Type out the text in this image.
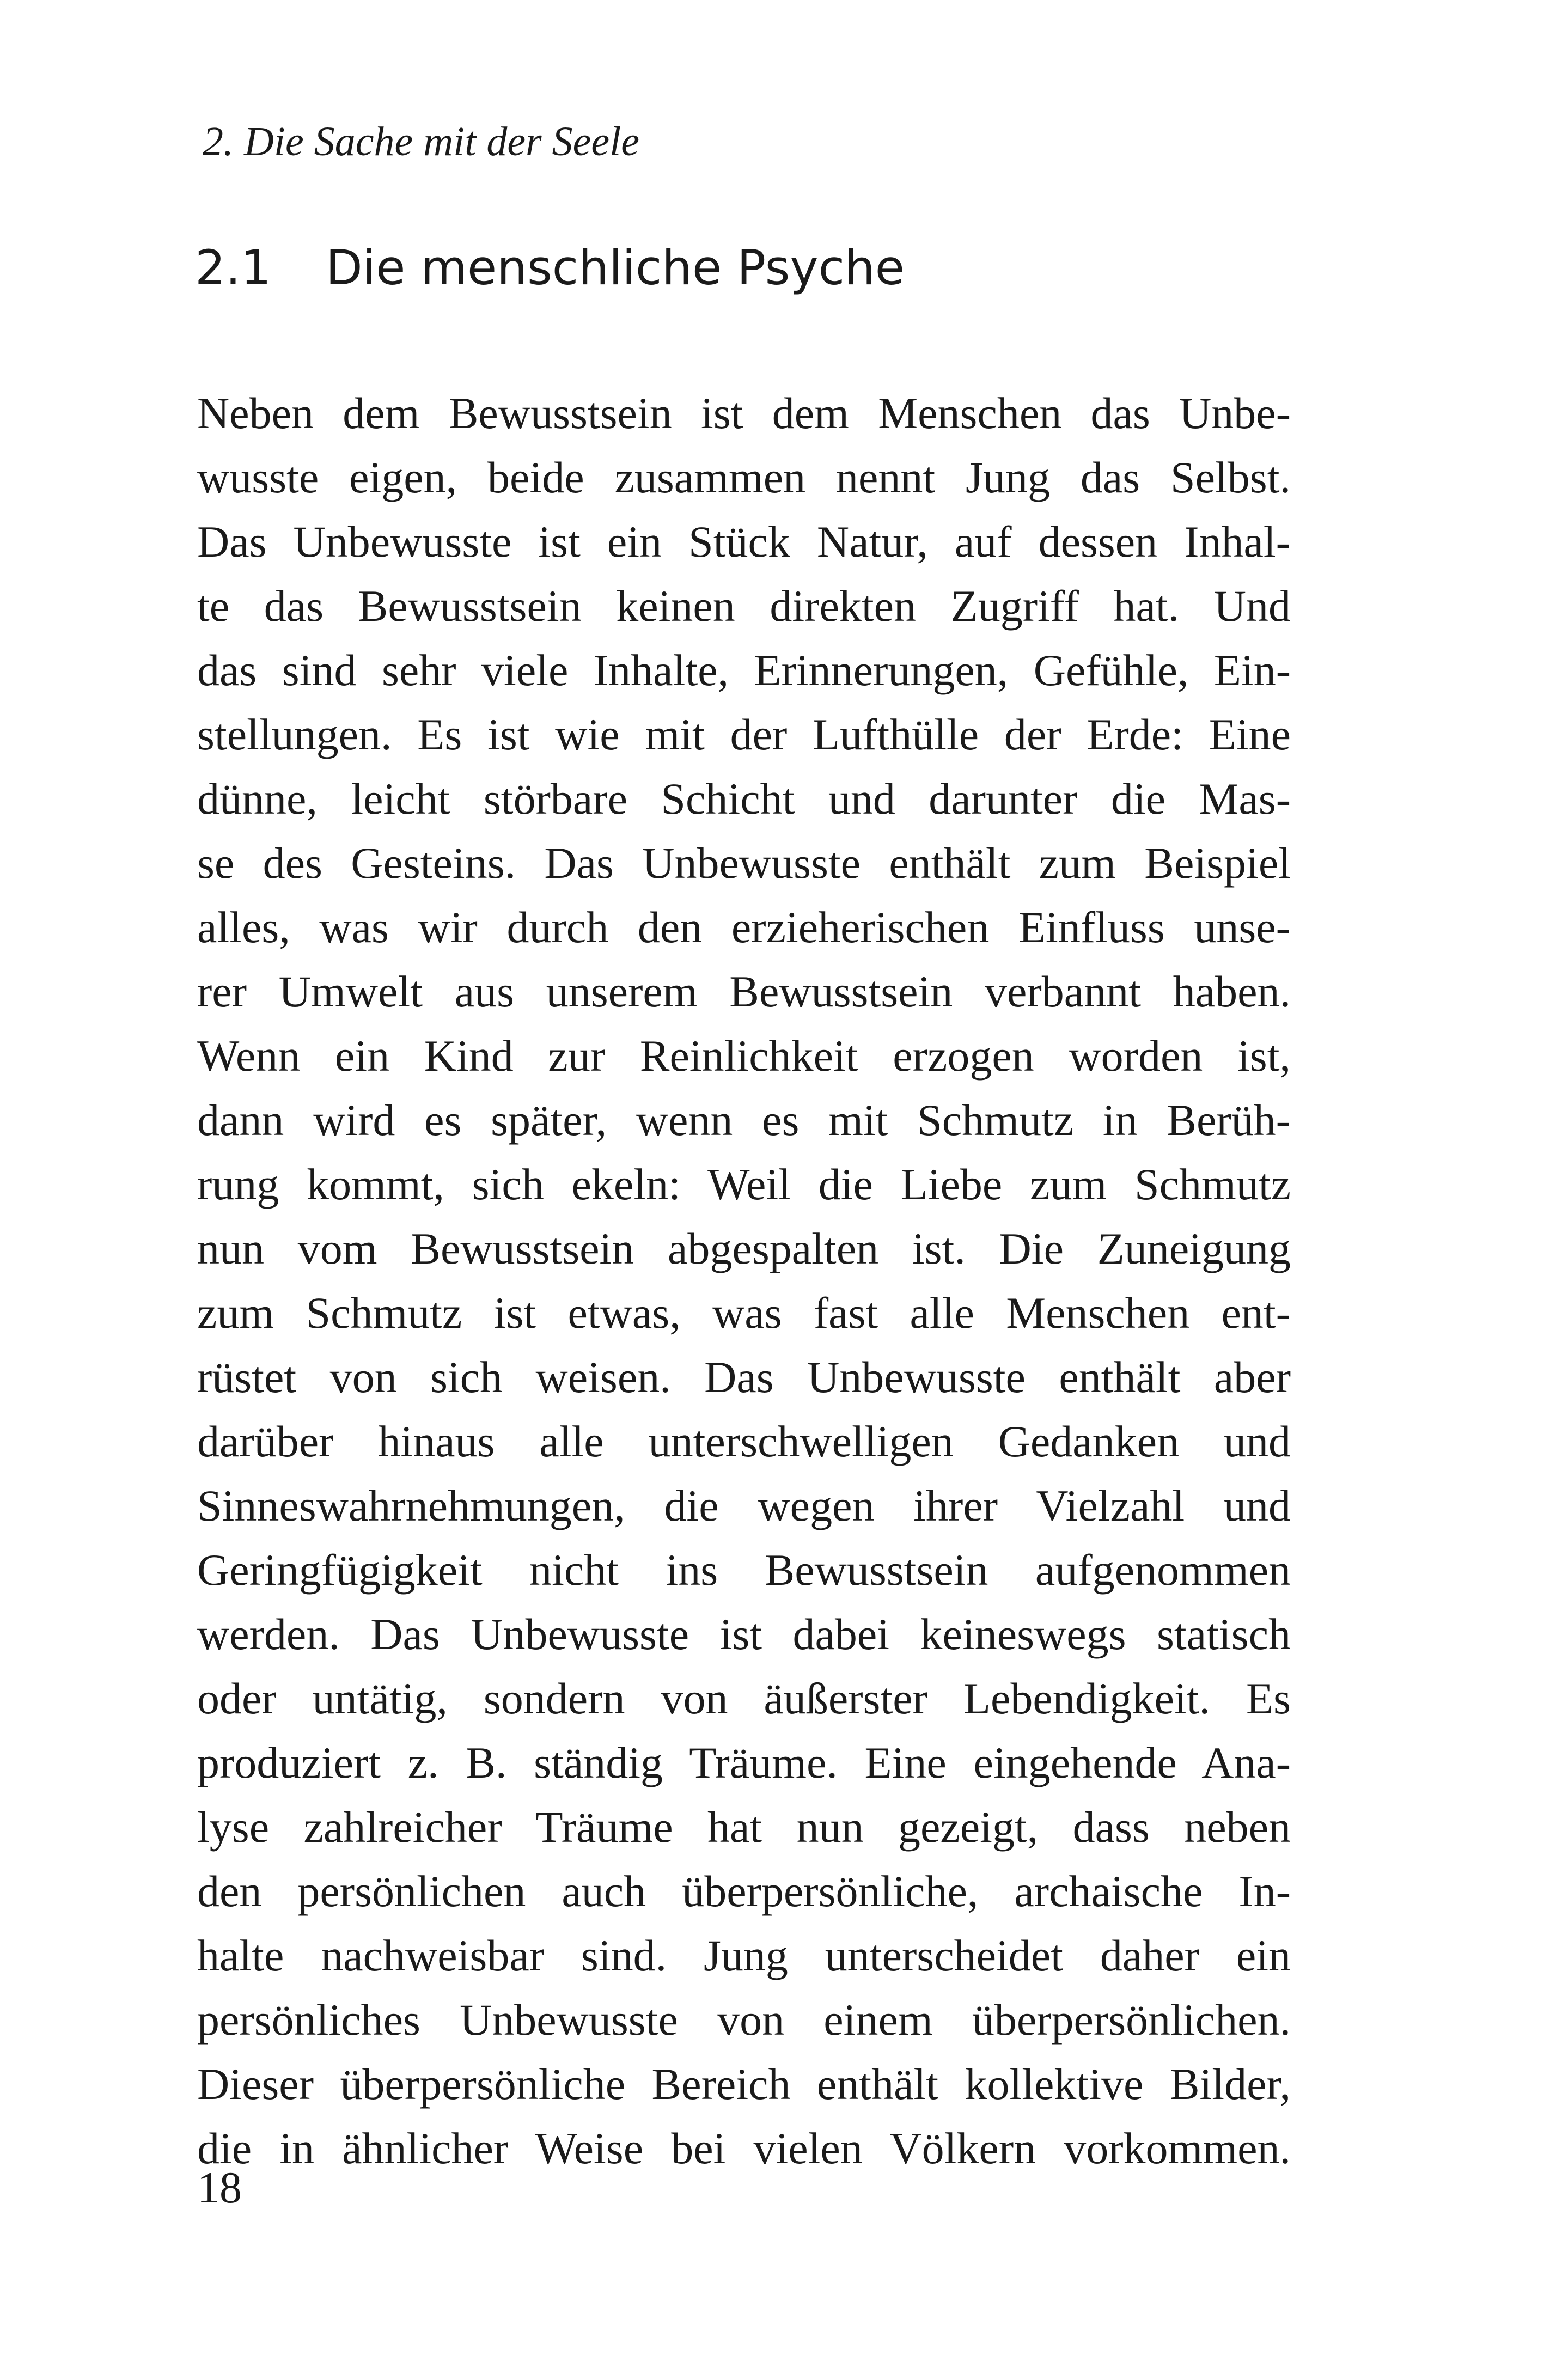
2. Die Sache mit der Seele
2.1	Die menschliche Psyche
Neben dem Bewusstsein ist dem Menschen das Unbe-
wusste eigen, beide zusammen nennt Jung das Selbst.
Das Unbewusste ist ein Stück Natur, auf dessen Inhal-
te das Bewusstsein keinen direkten Zugriff hat. Und
das sind sehr viele Inhalte, Erinnerungen, Gefühle, Ein-
stellungen. Es ist wie mit der Lufthülle der Erde: Eine
dünne, leicht störbare Schicht und darunter die Mas-
se des Gesteins. Das Unbewusste enthält zum Beispiel
alles, was wir durch den erzieherischen Einfluss unse-
rer Umwelt aus unserem Bewusstsein verbannt haben.
Wenn ein Kind zur Reinlichkeit erzogen worden ist,
dann wird es später, wenn es mit Schmutz in Berüh-
rung kommt, sich ekeln: Weil die Liebe zum Schmutz
nun vom Bewusstsein abgespalten ist. Die Zuneigung
zum Schmutz ist etwas, was fast alle Menschen ent-
rüstet von sich weisen. Das Unbewusste enthält aber
darüber hinaus alle unterschwelligen Gedanken und
Sinneswahrnehmungen, die wegen ihrer Vielzahl und
Geringfügigkeit nicht ins Bewusstsein aufgenommen
werden. Das Unbewusste ist dabei keineswegs statisch
oder untätig, sondern von äußerster Lebendigkeit. Es
produziert z. B. ständig Träume. Eine eingehende Ana-
lyse zahlreicher Träume hat nun gezeigt, dass neben
den persönlichen auch überpersönliche, archaische In-
halte nachweisbar sind. Jung unterscheidet daher ein
persönliches Unbewusste von einem überpersönlichen.
Dieser überpersönliche Bereich enthält kollektive Bilder,
die in ähnlicher Weise bei vielen Völkern vorkommen.
18
